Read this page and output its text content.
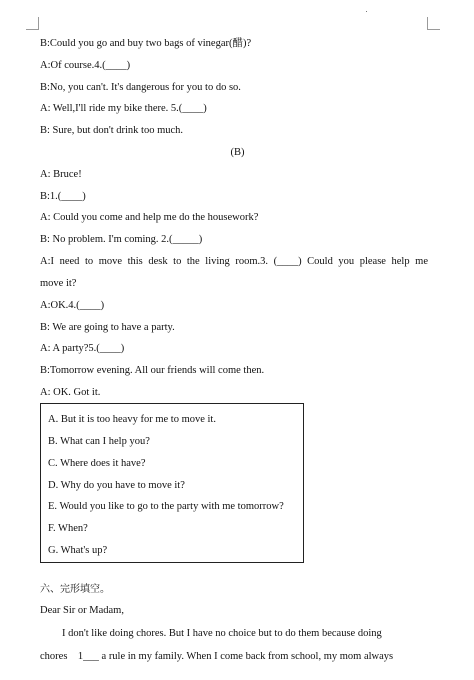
B:Could you go and buy two bags of vinegar(醋)?
A:Of course.4.(____)
B:No, you can't. It's dangerous for you to do so.
A: Well,I'll ride my bike there. 5.(____)
B: Sure, but don't drink too much.
(B)
A: Bruce!
B:1.(____)
A: Could you come and help me do the housework?
B: No problem. I'm coming. 2.(_____)
A:I need to move this desk to the living room.3. (____) Could you please help me
move it?
A:OK.4.(____)
B: We are going to have a party.
A: A party?5.(____)
B:Tomorrow evening. All our friends will come then.
A: OK. Got it.
A. But it is too heavy for me to move it.
B. What can I help you?
C. Where does it have?
D. Why do you have to move it?
E. Would you like to go to the party with me tomorrow?
F. When?
G. What's up?
六、完形填空。
Dear Sir or Madam,
I don't like doing chores. But I have no choice but to do them because doing
chores    1___ a rule in my family. When I come back from school, my mom always
